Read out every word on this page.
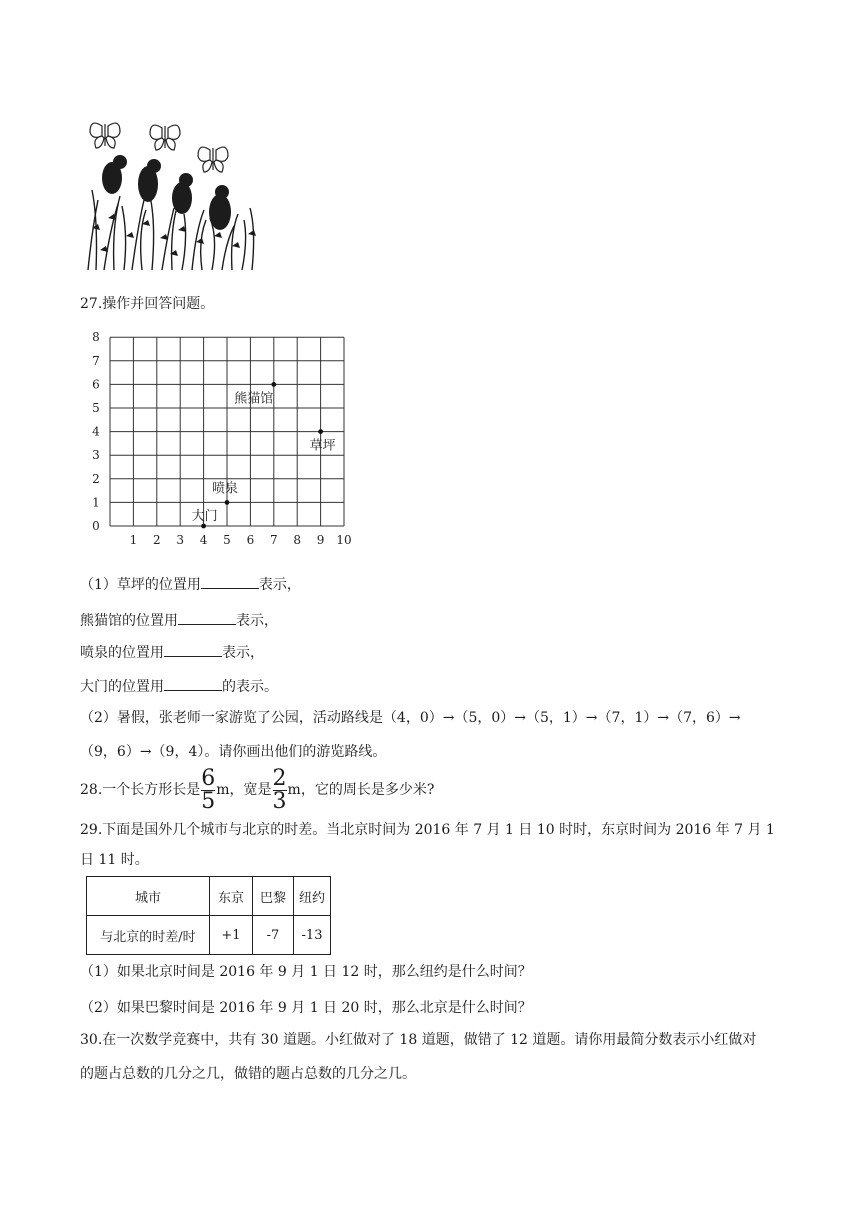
27.操作并回答问题。
0
1
2
3
4
5
6
7
8
1 2 3 4 5 6 7 8 9 10
熊猫馆
草坪
喷泉
大门
（1）草坪的位置用	表示，
熊猫馆的位置用	表示，
喷泉的位置用	表示，
大门的位置用	的表示。
（2）暑假，张老师一家游览了公园，活动路线是（4，0）→（5，0）→（5，1）→（7，1）→（7，6）→
（9，6）→（9，4）。请你画出他们的游览路线。
28.一个长方形长是 $\frac{6}{5}$ m，宽是 $\frac{2}{3}$ m，它的周长是多少米?
29.下面是国外几个城市与北京的时差。当北京时间为 2016 年 7 月 1 日 10 时时，东京时间为 2016 年 7 月 1
日 11 时。
城市	东京	巴黎	纽约
与北京的时差/时	+1	-7	-13
（1）如果北京时间是 2016 年 9 月 1 日 12 时，那么纽约是什么时间？
（2）如果巴黎时间是 2016 年 9 月 1 日 20 时，那么北京是什么时间？
30.在一次数学竞赛中，共有 30 道题。小红做对了 18 道题，做错了 12 道题。请你用最简分数表示小红做对
的题占总数的几分之几，做错的题占总数的几分之几。
